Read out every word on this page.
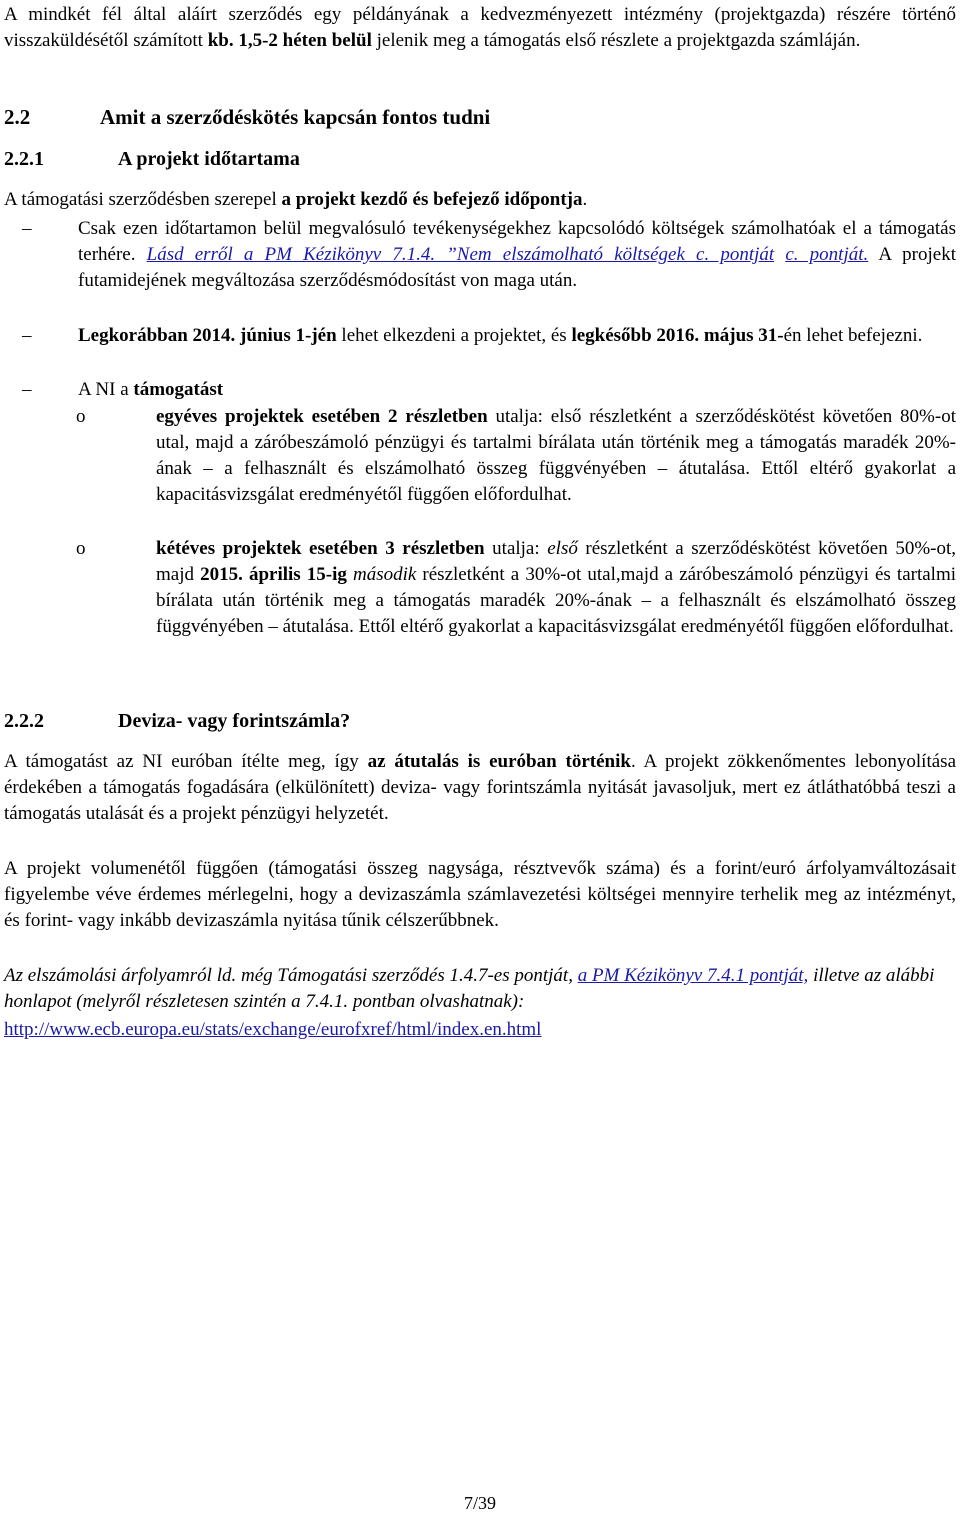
A mindkét fél által aláírt szerződés egy példányának a kedvezményezett intézmény (projektgazda) részére történő visszaküldésétől számított kb. 1,5-2 héten belül jelenik meg a támogatás első részlete a projektgazda számláján.

2.2	Amit a szerződéskötés kapcsán fontos tudni
2.2.1	A projekt időtartama

A támogatási szerződésben szerepel a projekt kezdő és befejező időpontja.

– Csak ezen időtartamon belül megvalósuló tevékenységekhez kapcsolódó költségek számolhatóak el a támogatás terhére. Lásd erről a PM Kézikönyv 7.1.4. ”Nem elszámolható költségek c. pontját c. pontját. A projekt futamidejének megváltozása szerződésmódosítást von maga után.

– Legkorábban 2014. június 1-jén lehet elkezdeni a projektet, és legkésőbb 2016. május 31-én lehet befejezni.

– A NI a támogatást

o	egyéves projektek esetében 2 részletben utalja: első részletként a szerződéskötést követően 80%-ot utal, majd a záróbeszámoló pénzügyi és tartalmi bírálata után történik meg a támogatás maradék 20%-ának – a felhasznált és elszámolható összeg függvényében – átutalása. Ettől eltérő gyakorlat a kapacitásvizsgálat eredményétől függően előfordulhat.

o	kétéves projektek esetében 3 részletben utalja: első részletként a szerződéskötést követően 50%-ot, majd 2015. április 15-ig második részletként a 30%-ot utal,majd a záróbeszámoló pénzügyi és tartalmi bírálata után történik meg a támogatás maradék 20%-ának – a felhasznált és elszámolható összeg függvényében – átutalása. Ettől eltérő gyakorlat a kapacitásvizsgálat eredményétől függően előfordulhat.

2.2.2	Deviza- vagy forintszámla?

A támogatást az NI euróban ítélte meg, így az átutalás is euróban történik. A projekt zökkenőmentes lebonyolítása érdekében a támogatás fogadására (elkülönített) deviza- vagy forintszámla nyitását javasoljuk, mert ez átláthatóbbá teszi a támogatás utalását és a projekt pénzügyi helyzetét.

A projekt volumenétől függően (támogatási összeg nagysága, résztvevők száma) és a forint/euró árfolyamváltozásait figyelembe véve érdemes mérlegelni, hogy a devizaszámla számlavezetési költségei mennyire terhelik meg az intézményt, és forint- vagy inkább devizaszámla nyitása tűnik célszerűbbnek.

Az elszámolási árfolyamról ld. még Támogatási szerződés 1.4.7-es pontját, a PM Kézikönyv 7.4.1 pontját, illetve az alábbi honlapot (melyről részletesen szintén a 7.4.1. pontban olvashatnak):

http://www.ecb.europa.eu/stats/exchange/eurofxref/html/index.en.html

7/39
